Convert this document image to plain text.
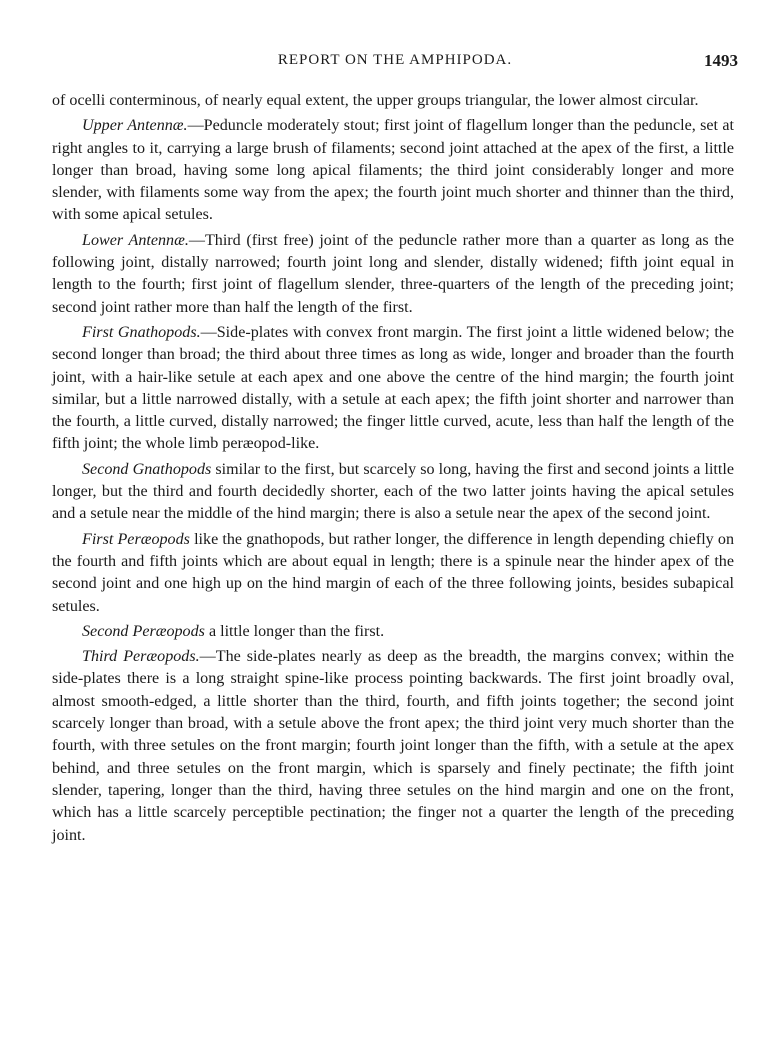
REPORT ON THE AMPHIPODA.	1493

of ocelli conterminous, of nearly equal extent, the upper groups triangular, the lower almost circular.

Upper Antennæ.—Peduncle moderately stout; first joint of flagellum longer than the peduncle, set at right angles to it, carrying a large brush of filaments; second joint attached at the apex of the first, a little longer than broad, having some long apical filaments; the third joint considerably longer and more slender, with filaments some way from the apex; the fourth joint much shorter and thinner than the third, with some apical setules.

Lower Antennæ.—Third (first free) joint of the peduncle rather more than a quarter as long as the following joint, distally narrowed; fourth joint long and slender, distally widened; fifth joint equal in length to the fourth; first joint of flagellum slender, three-quarters of the length of the preceding joint; second joint rather more than half the length of the first.

First Gnathopods.—Side-plates with convex front margin. The first joint a little widened below; the second longer than broad; the third about three times as long as wide, longer and broader than the fourth joint, with a hair-like setule at each apex and one above the centre of the hind margin; the fourth joint similar, but a little narrowed distally, with a setule at each apex; the fifth joint shorter and narrower than the fourth, a little curved, distally narrowed; the finger little curved, acute, less than half the length of the fifth joint; the whole limb peræopod-like.

Second Gnathopods similar to the first, but scarcely so long, having the first and second joints a little longer, but the third and fourth decidedly shorter, each of the two latter joints having the apical setules and a setule near the middle of the hind margin; there is also a setule near the apex of the second joint.

First Peræopods like the gnathopods, but rather longer, the difference in length depending chiefly on the fourth and fifth joints which are about equal in length; there is a spinule near the hinder apex of the second joint and one high up on the hind margin of each of the three following joints, besides subapical setules.

Second Peræopods a little longer than the first.

Third Peræopods.—The side-plates nearly as deep as the breadth, the margins convex; within the side-plates there is a long straight spine-like process pointing backwards. The first joint broadly oval, almost smooth-edged, a little shorter than the third, fourth, and fifth joints together; the second joint scarcely longer than broad, with a setule above the front apex; the third joint very much shorter than the fourth, with three setules on the front margin; fourth joint longer than the fifth, with a setule at the apex behind, and three setules on the front margin, which is sparsely and finely pectinate; the fifth joint slender, tapering, longer than the third, having three setules on the hind margin and one on the front, which has a little scarcely perceptible pectination; the finger not a quarter the length of the preceding joint.
